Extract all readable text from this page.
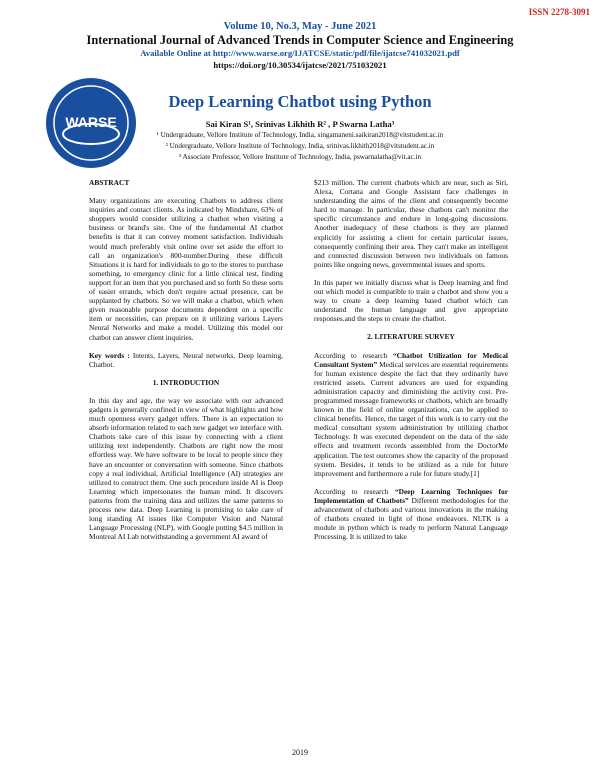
ISSN 2278-3091
Volume 10, No.3, May - June 2021
International Journal of Advanced Trends in Computer Science and Engineering
Available Online at http://www.warse.org/IJATCSE/static/pdf/file/ijatcse741032021.pdf
https://doi.org/10.30534/ijatcse/2021/751032021
WARSE
Deep Learning Chatbot using Python
Sai Kiran S¹, Srinivas Likhith R² , P Swarna Latha³
¹ Undergraduate, Vellore Institute of Technology, India, singamaneni.saikiran2018@vitstudent.ac.in
² Undergraduate, Vellore Institute of Technology, India, srinivas.likhith2018@vitstudent.ac.in
³ Associate Professor, Vellore Institute of Technology, India, pswarnalatha@vit.ac.in
ABSTRACT

Many organizations are executing Chatbots to address client inquiries and contact clients. As indicated by Mindshare, 63% of shoppers would consider utilizing a chatbot when visiting a business or brand's site. One of the fundamental AI chatbot benefits is that it can convey moment satisfaction. Individuals would much preferably visit online over set aside the effort to call an organization's 800-number.During these difficult Situations it is hard for individuals to go to the stores to purchase something, to emergency clinic for a little clinical test, finding support for an item that you purchased and so forth So these sorts of easier errands, which don't require actual presence, can be supplanted by chatbots. So we will make a chatbot, which when given reasonable purpose documents dependent on a specific item or necessities, can prepare on it utilizing various Layers Neural Networks and make a model. Utilizing this model our chatbot can answer client inquiries.

Key words : Intents, Layers, Neural networks, Deep learning, Chatbot.

1. INTRODUCTION

In this day and age, the way we associate with our advanced gadgets is generally confined in view of what highlights and how much openness every gadget offers. There is an expectation to absorb information related to each new gadget we interface with. Chatbots take care of this issue by connecting with a client utilizing text independently. Chatbots are right now the most effortless way. We have software to be local to people since they have an encounter or conversation with someone. Since chatbots copy a real individual, Artificial Intelligence (AI) strategies are utilized to construct them. One such procedure inside AI is Deep Learning which impersonates the human mind. It discovers patterns from the training data and utilizes the same patterns to process new data. Deep Learning is promising to take care of long standing AI issues like Computer Vision and Natural Language Processing (NLP), with Google putting $4.5 million in Montreal AI Lab notwithstanding a government AI award of

$213 million. The current chatbots which are near, such as Siri, Alexa, Cortana and Google Assistant face challenges in understanding the aims of the client and consequently become hard to manage. In particular, these chatbots can't monitor the specific circumstance and endure in long-going discussions. Another inadequacy of these chatbots is they are planned explicitly for assisting a client for certain particular issues, consequently confining their area. They can't make an intelligent and connected discussion between two individuals on famous points like ongoing news, governmental issues and sports.

In this paper we initially discuss what is Deep learning and find out which model is compatible to train a chatbot and show you a way to create a deep learning based chatbot which can understand the human language and give appropriate responses.and the steps to create the chatbot.

2. LITERATURE SURVEY

According to research “Chatbot Utilization for Medical Consultant System” Medical services are essential requirements for human existence despite the fact that they ordinarily have restricted assets. Current advances are used for expanding administration capacity and diminishing the activity cost. Pre-programmed message frameworks or chatbots, which are broadly known in the field of online organizations, can be applied to clinical benefits. Hence, the target of this work is to carry out the medical consultant system administration by utilizing chatbot Technology. It was executed dependent on the data of the side effects and treatment records assembled from the DoctorMe application. The test outcomes show the capacity of the proposed system. Besides, it tends to be utilized as a rule for future improvement and furthermore a rule for future study.[1]

According to research “Deep Learning Techniques for Implementation of Chatbots” Different methodologies for the advancement of chatbots and various innovations in the making of chatbots created in light of those endeavors. NLTK is a module in python which is ready to perform Natural Language Processing. It is utilized to take

2019
